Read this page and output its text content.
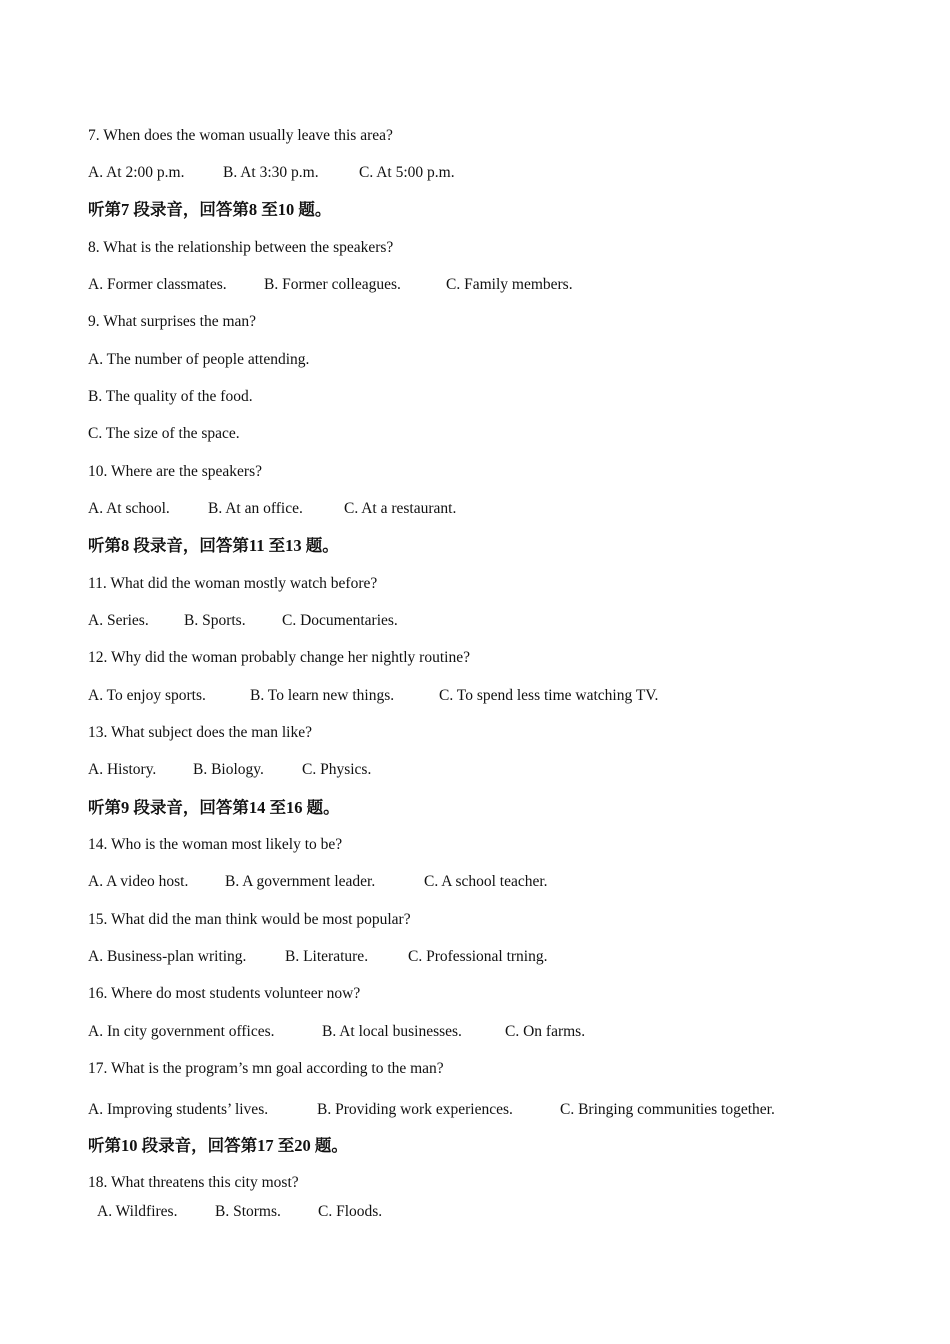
7. When does the woman usually leave this area?
A. At 2:00 p.m. B. At 3:30 p.m.	C. At 5:00 p.m.
听第7 段录音，回答第8 至10 题。
8. What is the relationship between the speakers?
A. Former classmates. B. Former colleagues.	C. Family members.
9. What surprises the man?
A. The number of people attending.
B. The quality of the food.
C. The size of the space.
10. Where are the speakers?
A. At school. B. At an office.	C. At a restaurant.
听第8 段录音，回答第11 至13 题。
11. What did the woman mostly watch before?
A. Series. B. Sports. C. Documentaries.
12. Why did the woman probably change her nightly routine?
A. To enjoy sports.	B. To learn new things.	C. To spend less time watching TV.
13. What subject does the man like?
A. History. B. Biology. C. Physics.
听第9 段录音，回答第14 至16 题。
14. Who is the woman most likely to be?
A. A video host. B. A government leader.	C. A school teacher.
15. What did the man think would be most popular?
A. Business-plan writing. B. Literature.	C. Professional trning.
16. Where do most students volunteer now?
A. In city government offices.	B. At local businesses.	C. On farms.
17. What is the program’s mn goal according to the man?
A. Improving students’ lives.	B. Providing work experiences.	C. Bringing communities together.
听第10 段录音，回答第17 至20 题。
18. What threatens this city most?
A. Wildfires. B. Storms. C. Floods.
